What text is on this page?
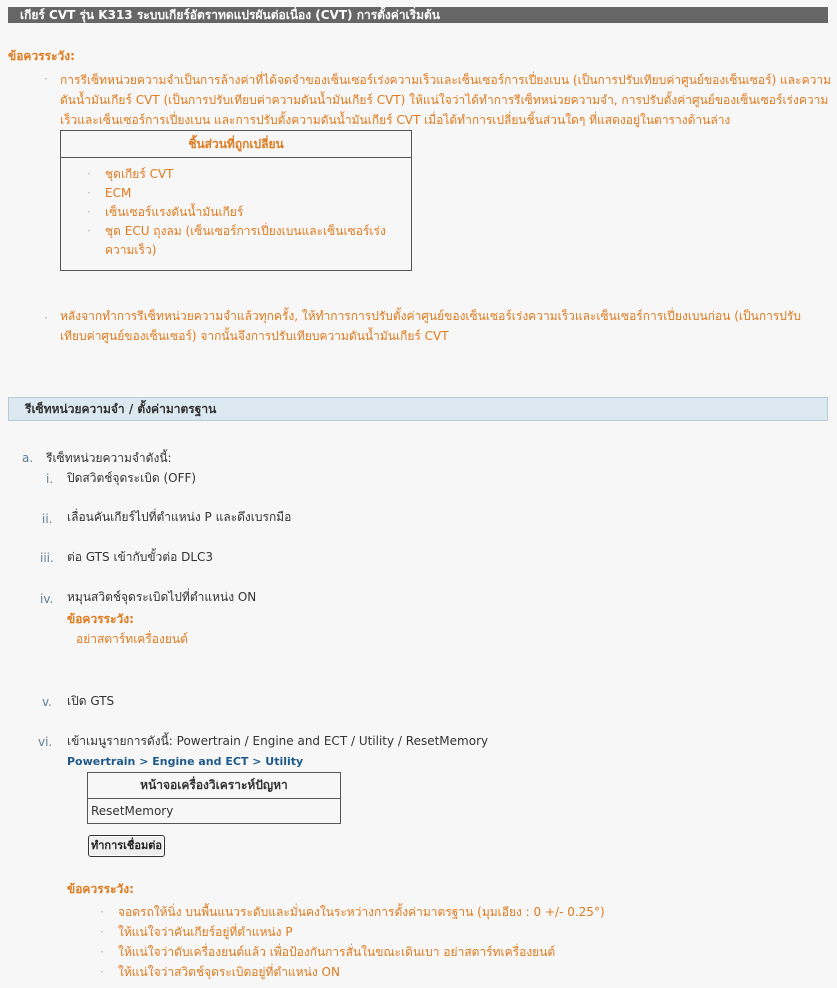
เกียร์ CVT รุ่น K313 ระบบเกียร์อัตราทดแปรผันต่อเนื่อง (CVT) การตั้งค่าเริ่มต้น
ข้อควรระวัง:
· การรีเซ็ทหน่วยความจำเป็นการล้างค่าที่ได้จดจำของเซ็นเซอร์เร่งความเร็วและเซ็นเซอร์การเปี่ยงเบน (เป็นการปรับเทียบค่าศูนย์ของเซ็นเซอร์) และความ
ดันน้ำมันเกียร์ CVT (เป็นการปรับเทียบค่าความดันน้ำมันเกียร์ CVT) ให้แน่ใจว่าได้ทำการรีเซ็ทหน่วยความจำ, การปรับตั้งค่าศูนย์ของเซ็นเซอร์เร่งความ
เร็วและเซ็นเซอร์การเปี่ยงเบน และการปรับตั้งความดันน้ำมันเกียร์ CVT เมื่อได้ทำการเปลี่ยนชิ้นส่วนใดๆ ที่แสดงอยู่ในตารางด้านล่าง
ชิ้นส่วนที่ถูกเปลี่ยน
· ชุดเกียร์ CVT
· ECM
· เซ็นเซอร์แรงดันน้ำมันเกียร์
· ชุด ECU ถุงลม (เซ็นเซอร์การเปี่ยงเบนและเซ็นเซอร์เร่ง
ความเร็ว)
· หลังจากทำการรีเซ็ทหน่วยความจำแล้วทุกครั้ง, ให้ทำการการปรับตั้งค่าศูนย์ของเซ็นเซอร์เร่งความเร็วและเซ็นเซอร์การเปี่ยงเบนก่อน (เป็นการปรับ
เทียบค่าศูนย์ของเซ็นเซอร์) จากนั้นจึงการปรับเทียบความดันน้ำมันเกียร์ CVT
รีเซ็ทหน่วยความจำ / ตั้งค่ามาตรฐาน
a. รีเซ็ทหน่วยความจำดังนี้:
i. ปิดสวิตช์จุดระเบิด (OFF)
ii. เลื่อนคันเกียร์ไปที่ตำแหน่ง P และดึงเบรกมือ
iii. ต่อ GTS เข้ากับขั้วต่อ DLC3
iv. หมุนสวิตช์จุดระเบิดไปที่ตำแหน่ง ON
ข้อควรระวัง:
อย่าสตาร์ทเครื่องยนต์
v. เปิด GTS
vi. เข้าเมนูรายการดังนี้: Powertrain / Engine and ECT / Utility / ResetMemory
Powertrain > Engine and ECT > Utility
หน้าจอเครื่องวิเคราะห์ปัญหา
ResetMemory
ทำการเชื่อมต่อ
ข้อควรระวัง:
· จอดรถให้นิ่ง บนพื้นแนวระดับและมั่นคงในระหว่างการตั้งค่ามาตรฐาน (มุมเอียง : 0 +/- 0.25°)
· ให้แน่ใจว่าคันเกียร์อยู่ที่ตำแหน่ง P
· ให้แน่ใจว่าดับเครื่องยนต์แล้ว เพื่อป้องกันการสั่นในขณะเดินเบา อย่าสตาร์ทเครื่องยนต์
· ให้แน่ใจว่าสวิตช์จุดระเบิดอยู่ที่ตำแหน่ง ON
